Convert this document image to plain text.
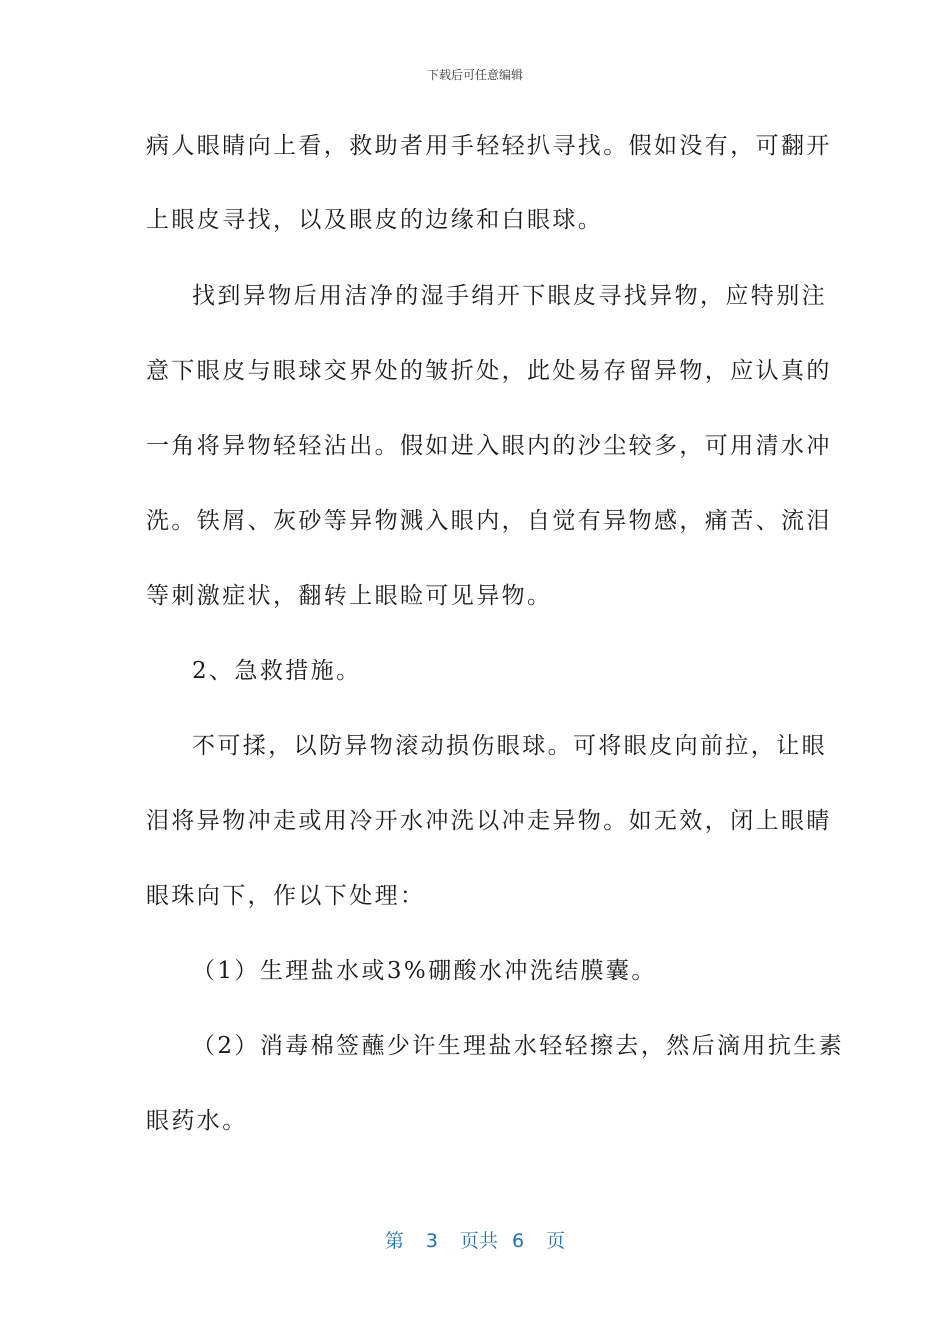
下载后可任意编辑
病人眼睛向上看，救助者用手轻轻扒寻找。假如没有，可翻开
上眼皮寻找，以及眼皮的边缘和白眼球。
找到异物后用洁净的湿手绢开下眼皮寻找异物，应特别注
意下眼皮与眼球交界处的皱折处，此处易存留异物，应认真的
一角将异物轻轻沾出。假如进入眼内的沙尘较多，可用清水冲
洗。铁屑、灰砂等异物溅入眼内，自觉有异物感，痛苦、流泪
等刺激症状，翻转上眼睑可见异物。
2、急救措施。
不可揉，以防异物滚动损伤眼球。可将眼皮向前拉，让眼
泪将异物冲走或用冷开水冲洗以冲走异物。如无效，闭上眼睛
眼珠向下，作以下处理：
（1）生理盐水或3%硼酸水冲洗结膜囊。
（2）消毒棉签蘸少许生理盐水轻轻擦去，然后滴用抗生素
眼药水。
第 3 页共 6 页
